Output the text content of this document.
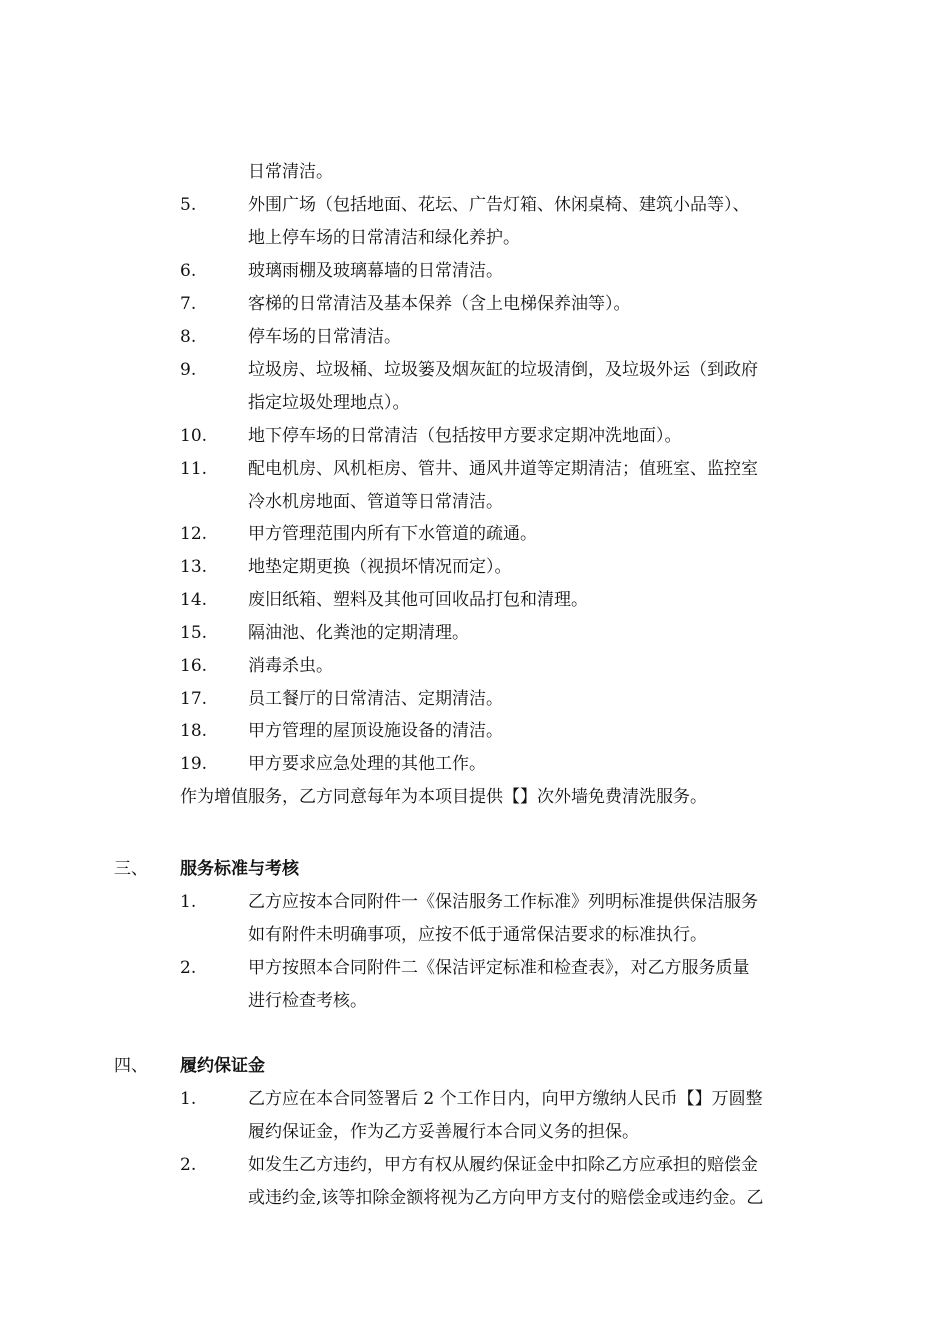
日常清洁。
5.	外围广场（包括地面、花坛、广告灯箱、休闲桌椅、建筑小品等）、
地上停车场的日常清洁和绿化养护。
6.	玻璃雨棚及玻璃幕墙的日常清洁。
7.	客梯的日常清洁及基本保养（含上电梯保养油等）。
8.	停车场的日常清洁。
9.	垃圾房、垃圾桶、垃圾篓及烟灰缸的垃圾清倒，及垃圾外运（到政府
指定垃圾处理地点）。
10. 地下停车场的日常清洁（包括按甲方要求定期冲洗地面）。
11. 配电机房、风机柜房、管井、通风井道等定期清洁；值班室、监控室
冷水机房地面、管道等日常清洁。
12. 甲方管理范围内所有下水管道的疏通。
13. 地垫定期更换（视损坏情况而定）。
14. 废旧纸箱、塑料及其他可回收品打包和清理。
15. 隔油池、化粪池的定期清理。
16. 消毒杀虫。
17. 员工餐厅的日常清洁、定期清洁。
18. 甲方管理的屋顶设施设备的清洁。
19. 甲方要求应急处理的其他工作。
作为增值服务，乙方同意每年为本项目提供【】次外墙免费清洗服务。
三、 服务标准与考核
1.	乙方应按本合同附件一《保洁服务工作标准》列明标准提供保洁服务
如有附件未明确事项，应按不低于通常保洁要求的标准执行。
2.	甲方按照本合同附件二《保洁评定标准和检查表》，对乙方服务质量
进行检查考核。
四、 履约保证金
1.	乙方应在本合同签署后 2 个工作日内，向甲方缴纳人民币【】万圆整
履约保证金，作为乙方妥善履行本合同义务的担保。
2.	如发生乙方违约，甲方有权从履约保证金中扣除乙方应承担的赔偿金
或违约金,该等扣除金额将视为乙方向甲方支付的赔偿金或违约金。乙
